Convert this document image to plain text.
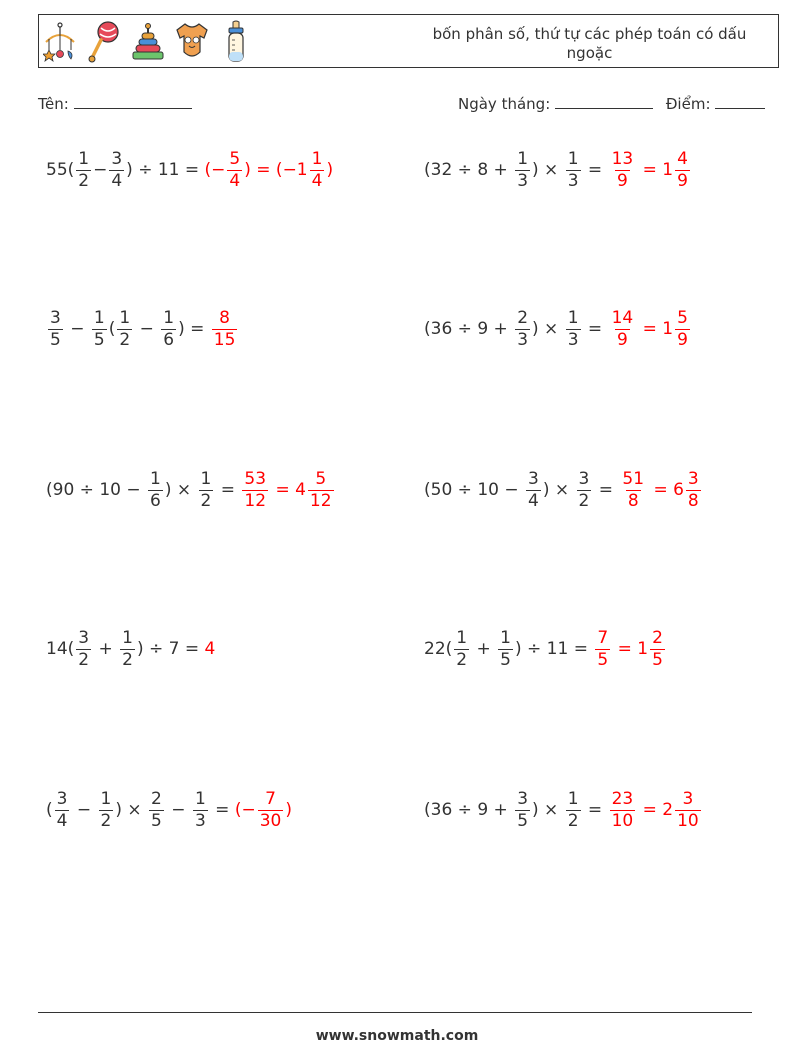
bốn phân số, thứ tự các phép toán có dấu ngoặc
Tên:	Ngày tháng:	Điểm:
$55( \frac{1}{2} - \frac{3}{4}$ ) ÷ 11 = (− $\frac{5}{4}$ ) = ($-1 \frac{1}{4}$ )	($32 \div 8 + \frac{1}{3}$ ) × $\frac{1}{3} = \frac{13}{9} = 1 \frac{4}{9}$
$\frac{3}{5} - \frac{1}{5}$ ( $\frac{1}{2} - \frac{1}{6}$ ) = $\frac{8}{15}$	($36 \div 9 + \frac{2}{3}$ ) × $\frac{1}{3} = \frac{14}{9} = 1 \frac{5}{9}$
($90 \div 10 - \frac{1}{6}$ ) × $\frac{1}{2} = \frac{53}{12} = 4 \frac{5}{12}$	($50 \div 10 - \frac{3}{4}$ ) × $\frac{3}{2} = \frac{51}{8} = 6 \frac{3}{8}$
$14( \frac{3}{2} + \frac{1}{2}$ ) ÷ 7 = 4	$22( \frac{1}{2} + \frac{1}{5}$ ) ÷ $11 = \frac{7}{5} = 1 \frac{2}{5}$
( $\frac{3}{4} - \frac{1}{2}$ ) × $\frac{2}{5} - \frac{1}{3}$ = (− $\frac{7}{30}$ )	($36 \div 9 + \frac{3}{5}$ ) × $\frac{1}{2} = \frac{23}{10} = 2 \frac{3}{10}$
www.snowmath.com
